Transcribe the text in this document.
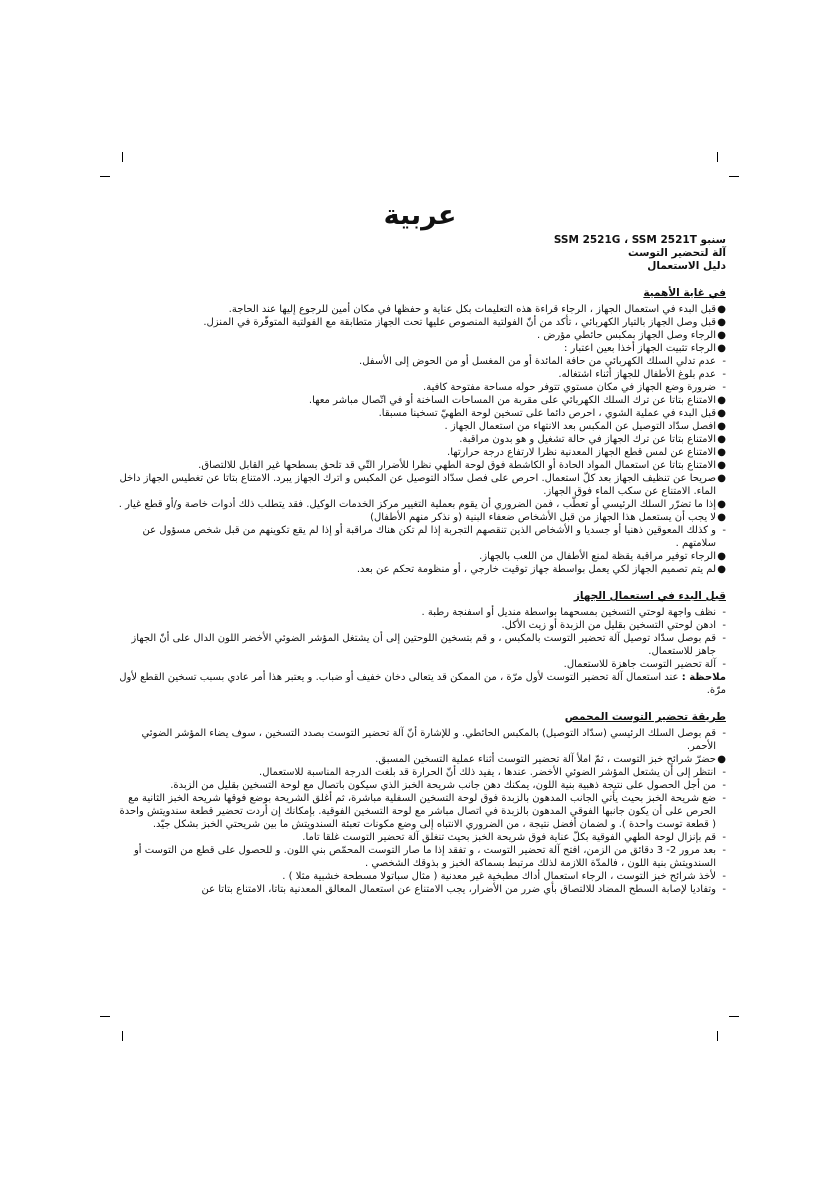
عربية

سنبو SSM 2521G ، SSM 2521T

آلة لتحضير التوست

دليل الاستعمال

في غاية الأهمية
●
قبل البدء في استعمال الجهاز ، الرجاء قراءة هذه التعليمات بكل عناية و حفظها في مكان أمين للرجوع إليها عند الحاجة.
●
قبل وصل الجهاز بالتيار الكهربائي ، تأكد من أنّ الفولتية المنصوص عليها تحت الجهاز متطابقة مع الفولتية المتوفّرة في المنزل.
●
الرجاء وصل الجهاز بمكبس حائطي مؤرض .
●
الرجاء تثبيت الجهاز أخذا بعين اعتبار :
-
عدم تدلي السلك الكهربائي من حافة المائدة أو من المغسل أو من الحوض إلى الأسفل.
-
عدم بلوغ الأطفال للجهاز أثناء اشتغاله.
-
ضرورة وضع الجهاز في مكان مستوي تتوفر حوله مساحة مفتوحة كافية.
●
الامتناع بتاتا عن ترك السلك الكهربائي على مقربة من المساحات الساخنة أو في اتّصال مباشر معها.
●
قبل البدء في عملية الشوي ، احرص دائما على تسخين لوحة الطهيّ تسخينا مسبقا.
●
افصل سدّاد التوصيل عن المكبس بعد الانتهاء من استعمال الجهاز .
●
الامتناع بتاتا عن ترك الجهاز في حالة تشغيل و هو بدون مراقبة.
●
الامتناع عن لمس قطع الجهاز المعدنية نظرا لارتفاع درجة حرارتها.
●
الامتناع بتاتا عن استعمال المواد الحادة أو الكاشطة فوق لوحة الطهي نظرا للأضرار التّي قد تلحق بسطحها غير القابل للالتصاق.
●
صريحا عن تنظيف الجهاز بعد كلّ استعمال. احرص على فصل سدّاد التوصيل عن المكبس و اترك الجهاز يبرد. الامتناع بتاتا عن تغطيس الجهاز داخل الماء. الامتناع عن سكب الماء فوق الجهاز.
●
إذا ما تضرّر السلك الرئيسي أو تعطّب ، فمن الضروري أن يقوم بعملية التغيير مركز الخدمات الوكيل. فقد يتطلب ذلك أدوات خاصة و/أو قطع غيار .
●
لا يجب أن يستعمل هذا الجهاز من قبل الأشخاص ضعفاء البنية (و نذكر منهم الأطفال)
-
و كذلك المعوقين ذهنيا أو جسديا و الأشخاص الذين تنقصهم التجربة إذا لم تكن هناك مراقبة أو إذا لم يقع تكوينهم من قبل شخص مسؤول عن سلامتهم .
●
الرجاء توفير مراقبة يقظة لمنع الأطفال من اللعب بالجهاز.
●
لم يتم تصميم الجهاز لكي يعمل بواسطة جهاز توقيت خارجي ، أو منظومة تحكم عن بعد.
قبل البدء في استعمال الجهاز
-
نظف واجهة لوحتي التسخين بمسحهما بواسطة منديل أو اسفنجة رطبة .
-
ادهن لوحتي التسخين بقليل من الزبدة أو زيت الأكل.
-
قم بوصل سدّاد توصيل آلة تحضير التوست بالمكبس ، و قم بتسخين اللوحتين إلى أن يشتغل المؤشر الضوئي الأخضر اللون الدال على أنّ الجهاز جاهز للاستعمال.
-
آلة تحضير التوست جاهزة للاستعمال.

ملاحظة : عند استعمال آلة تحضير التوست لأول مرّة ، من الممكن قد يتعالى دخان خفيف أو ضباب. و يعتبر هذا أمر عادي بسبب تسخين القطع لأول مرّة.

طريقة تحضير التوست المحمص
-
قم بوصل السلك الرئيسي (سدّاد التوصيل) بالمكبس الحائطي. و للإشارة أنّ آلة تحضير التوست بصدد التسخين ، سوف يضاء المؤشر الضوئي الأحمر.
●
حضرّ شرائح خبز التوست ، ثمّ املأ آلة تحضير التوست أثناء عملية التسخين المسبق.
-
انتظر إلى أن يشتعل المؤشر الضوئي الأخضر. عندها ، يفيد ذلك أنّ الحرارة قد بلغت الدرجة المناسبة للاستعمال.
-
من أجل الحصول على نتيجة ذهبية بنية اللون، يمكنك دهن جانب شريحة الخبز الذي سيكون باتصال مع لوحة التسخين بقليل من الزبدة.
-
ضع شريحة الخبز بحيث يأتي الجانب المدهون بالزبدة فوق لوحة التسخين السفلية مباشرة، ثم أغلق الشريحة بوضع فوقها شريحة الخبز الثانية مع الحرص على أن يكون جانبها الفوقي المدهون بالزبدة في اتصال مباشر مع لوحة التسخين الفوقية. بإمكانك إن أردت تحضير قطعة سندويتش واحدة ( قطعة توست واحدة ). و لضمان أفضل نتيجة ، من الضروري الانتباه إلى وضع مكونات تعبئة السندويتش ما بين شريحتي الخبز بشكل جيّد.
-
قم بإنزال لوحة الطهي الفوقية بكلّ عناية فوق شريحة الخبز بحيث تنغلق آلة تحضير التوست غلقا تاما.
-
بعد مرور 2- 3 دقائق من الزمن، افتح آلة تحضير التوست ، و تفقد إذا ما صار التوست المحمّص بني اللون. و للحصول على قطع من التوست أو السندويتش بنية اللون ، فالمدّة اللازمة لذلك مرتبط بسماكة الخبز و بذوقك الشخصي .
-
لأخذ شرائح خبز التوست ، الرجاء استعمال أداك مطبخية غير معدنية ( مثال سباتولا مسطحة خشبية مثلا ) .
-
وتفاديا لإصابة السطح المضاد للالتصاق بأي ضرر من الأضرار، يجب الامتناع عن استعمال المعالق المعدنية بتاتا، الامتناع بتاتا عن
